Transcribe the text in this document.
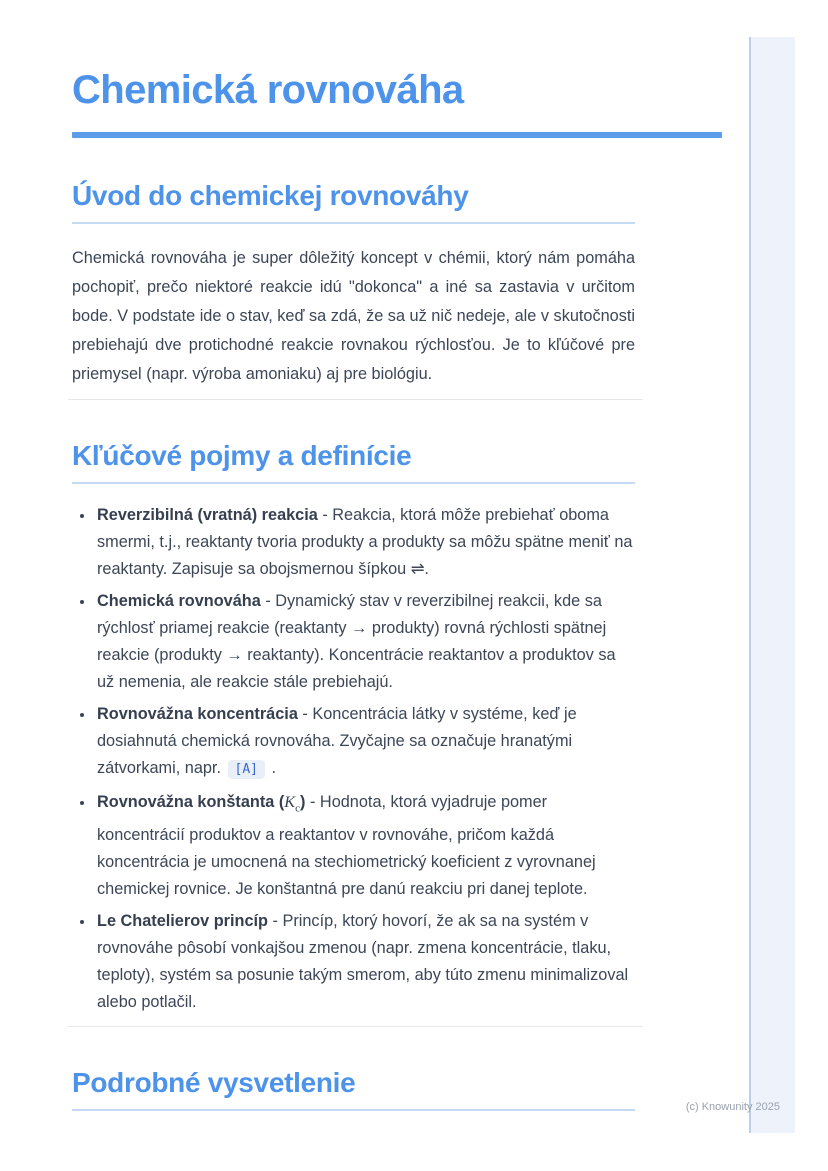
Chemická rovnováha
Úvod do chemickej rovnováhy

Chemická rovnováha je super dôležitý koncept v chémii, ktorý nám pomáha pochopiť, prečo niektoré reakcie idú "dokonca" a iné sa zastavia v určitom bode. V podstate ide o stav, keď sa zdá, že sa už nič nedeje, ale v skutočnosti prebiehajú dve protichodné reakcie rovnakou rýchlosťou. Je to kľúčové pre priemysel (napr. výroba amoniaku) aj pre biológiu.

Kľúčové pojmy a definície
• Reverzibilná (vratná) reakcia - Reakcia, ktorá môže prebiehať oboma smermi, t.j., reaktanty tvoria produkty a produkty sa môžu spätne meniť na reaktanty. Zapisuje sa obojsmernou šípkou ⇌.
• Chemická rovnováha - Dynamický stav v reverzibilnej reakcii, kde sa rýchlosť priamej reakcie (reaktanty → produkty) rovná rýchlosti spätnej reakcie (produkty → reaktanty). Koncentrácie reaktantov a produktov sa už nemenia, ale reakcie stále prebiehajú.
• Rovnovážna koncentrácia - Koncentrácia látky v systéme, keď je dosiahnutá chemická rovnováha. Zvyčajne sa označuje hranatými zátvorkami, napr. [A] .
• Rovnovážna konštanta $(K_c)$ - Hodnota, ktorá vyjadruje pomer koncentrácií produktov a reaktantov v rovnováhe, pričom každá koncentrácia je umocnená na stechiometrický koeficient z vyrovnanej chemickej rovnice. Je konštantná pre danú reakciu pri danej teplote.
• Le Chatelierov princíp - Princíp, ktorý hovorí, že ak sa na systém v rovnováhe pôsobí vonkajšou zmenou (napr. zmena koncentrácie, tlaku, teploty), systém sa posunie takým smerom, aby túto zmenu minimalizoval alebo potlačil.
Podrobné vysvetlenie
(c) Knowunity 2025
